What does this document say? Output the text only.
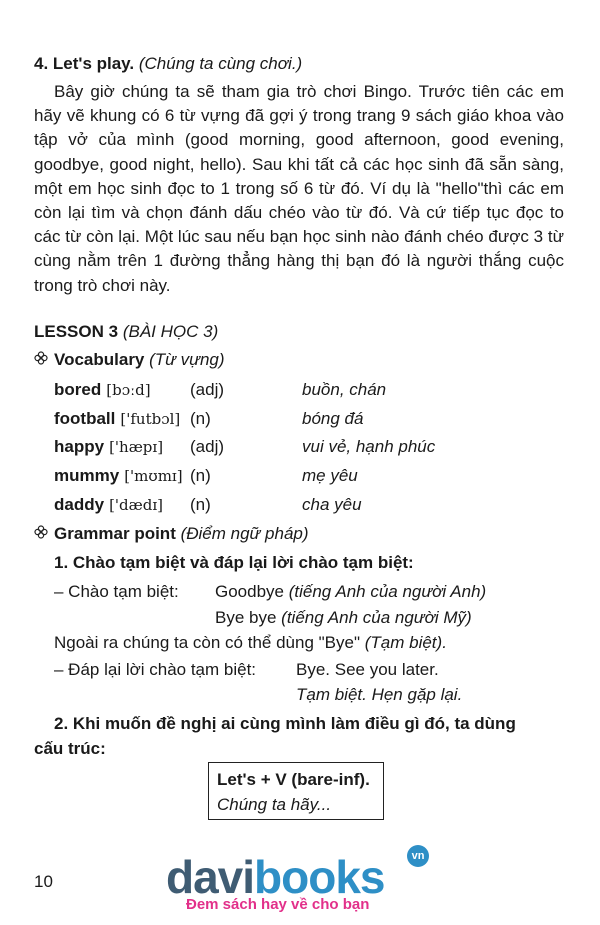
4. Let's play. (Chúng ta cùng chơi.)
Bây giờ chúng ta sẽ tham gia trò chơi Bingo. Trước tiên các em hãy vẽ khung có 6 từ vựng đã gợi ý trong trang 9 sách giáo khoa vào tập vở của mình (good morning, good afternoon, good evening, goodbye, good night, hello). Sau khi tất cả các học sinh đã sẵn sàng, một em học sinh đọc to 1 trong số 6 từ đó. Ví dụ là "hello"thì các em còn lại tìm và chọn đánh dấu chéo vào từ đó. Và cứ tiếp tục đọc to các từ còn lại. Một lúc sau nếu bạn học sinh nào đánh chéo được 3 từ cùng nằm trên 1 đường thẳng hàng thị bạn đó là người thắng cuộc trong trò chơi này.
LESSON 3 (BÀI HỌC 3)
Vocabulary (Từ vựng)
bored [bɔːd] (adj)	buồn, chán
football ['futbɔl] (n)	bóng đá
happy ['hæpɪ] (adj)	vui vẻ, hạnh phúc
mummy ['mʊmɪ] (n)	mẹ yêu
daddy ['dædɪ] (n)	cha yêu
Grammar point (Điểm ngữ pháp)
1. Chào tạm biệt và đáp lại lời chào tạm biệt:
– Chào tạm biệt: Goodbye (tiếng Anh của người Anh)
Bye bye (tiếng Anh của người Mỹ)
Ngoài ra chúng ta còn có thể dùng "Bye" (Tạm biệt).
– Đáp lại lời chào tạm biệt: Bye. See you later.
Tạm biệt. Hẹn gặp lại.
2. Khi muốn đề nghị ai cùng mình làm điều gì đó, ta dùng
cấu trúc:
Let's + V (bare-inf).
Chúng ta hãy...
10 davibooks	vn
Đem sách hay về cho bạn
